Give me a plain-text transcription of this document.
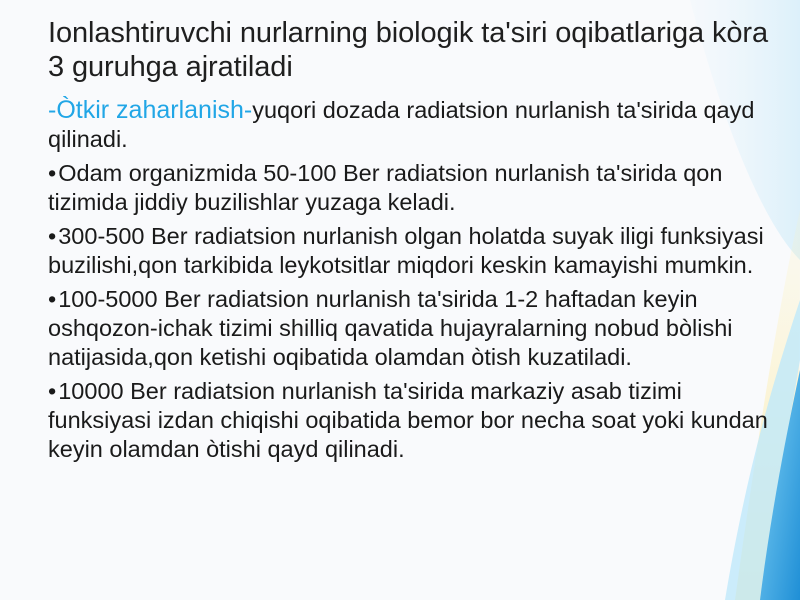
Ionlashtiruvchi nurlarning biologik ta'siri oqibatlariga kòra 3 guruhga ajratiladi

-Òtkir zaharlanish-yuqori dozada radiatsion nurlanish ta'sirida qayd qilinadi.

•Odam organizmida 50-100 Ber radiatsion nurlanish ta'sirida qon tizimida jiddiy buzilishlar yuzaga keladi.

•300-500 Ber radiatsion nurlanish olgan holatda suyak iligi funksiyasi buzilishi,qon tarkibida leykotsitlar miqdori keskin kamayishi mumkin.

•100-5000 Ber radiatsion nurlanish ta'sirida 1-2 haftadan keyin oshqozon-ichak tizimi shilliq qavatida hujayralarning nobud bòlishi natijasida,qon ketishi oqibatida olamdan òtish kuzatiladi.

•10000 Ber radiatsion nurlanish ta'sirida markaziy asab tizimi funksiyasi izdan chiqishi oqibatida bemor bor necha soat yoki kundan keyin olamdan òtishi qayd qilinadi.
